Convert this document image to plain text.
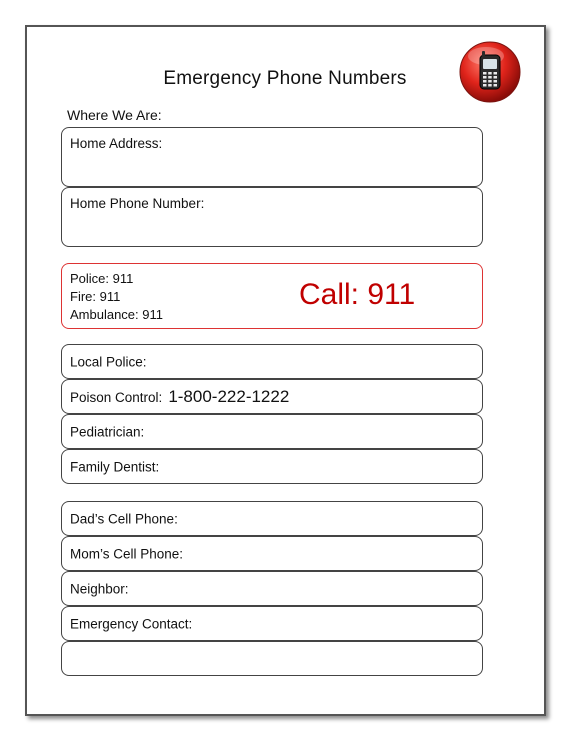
Emergency Phone Numbers
Where We Are:
Home Address:
Home Phone Number:
Police: 911
Fire: 911
Ambulance: 911
Call: 911
Local Police:
Poison Control: 1-800-222-1222
Pediatrician:
Family Dentist:
Dad’s Cell Phone:
Mom’s Cell Phone:
Neighbor:
Emergency Contact:
